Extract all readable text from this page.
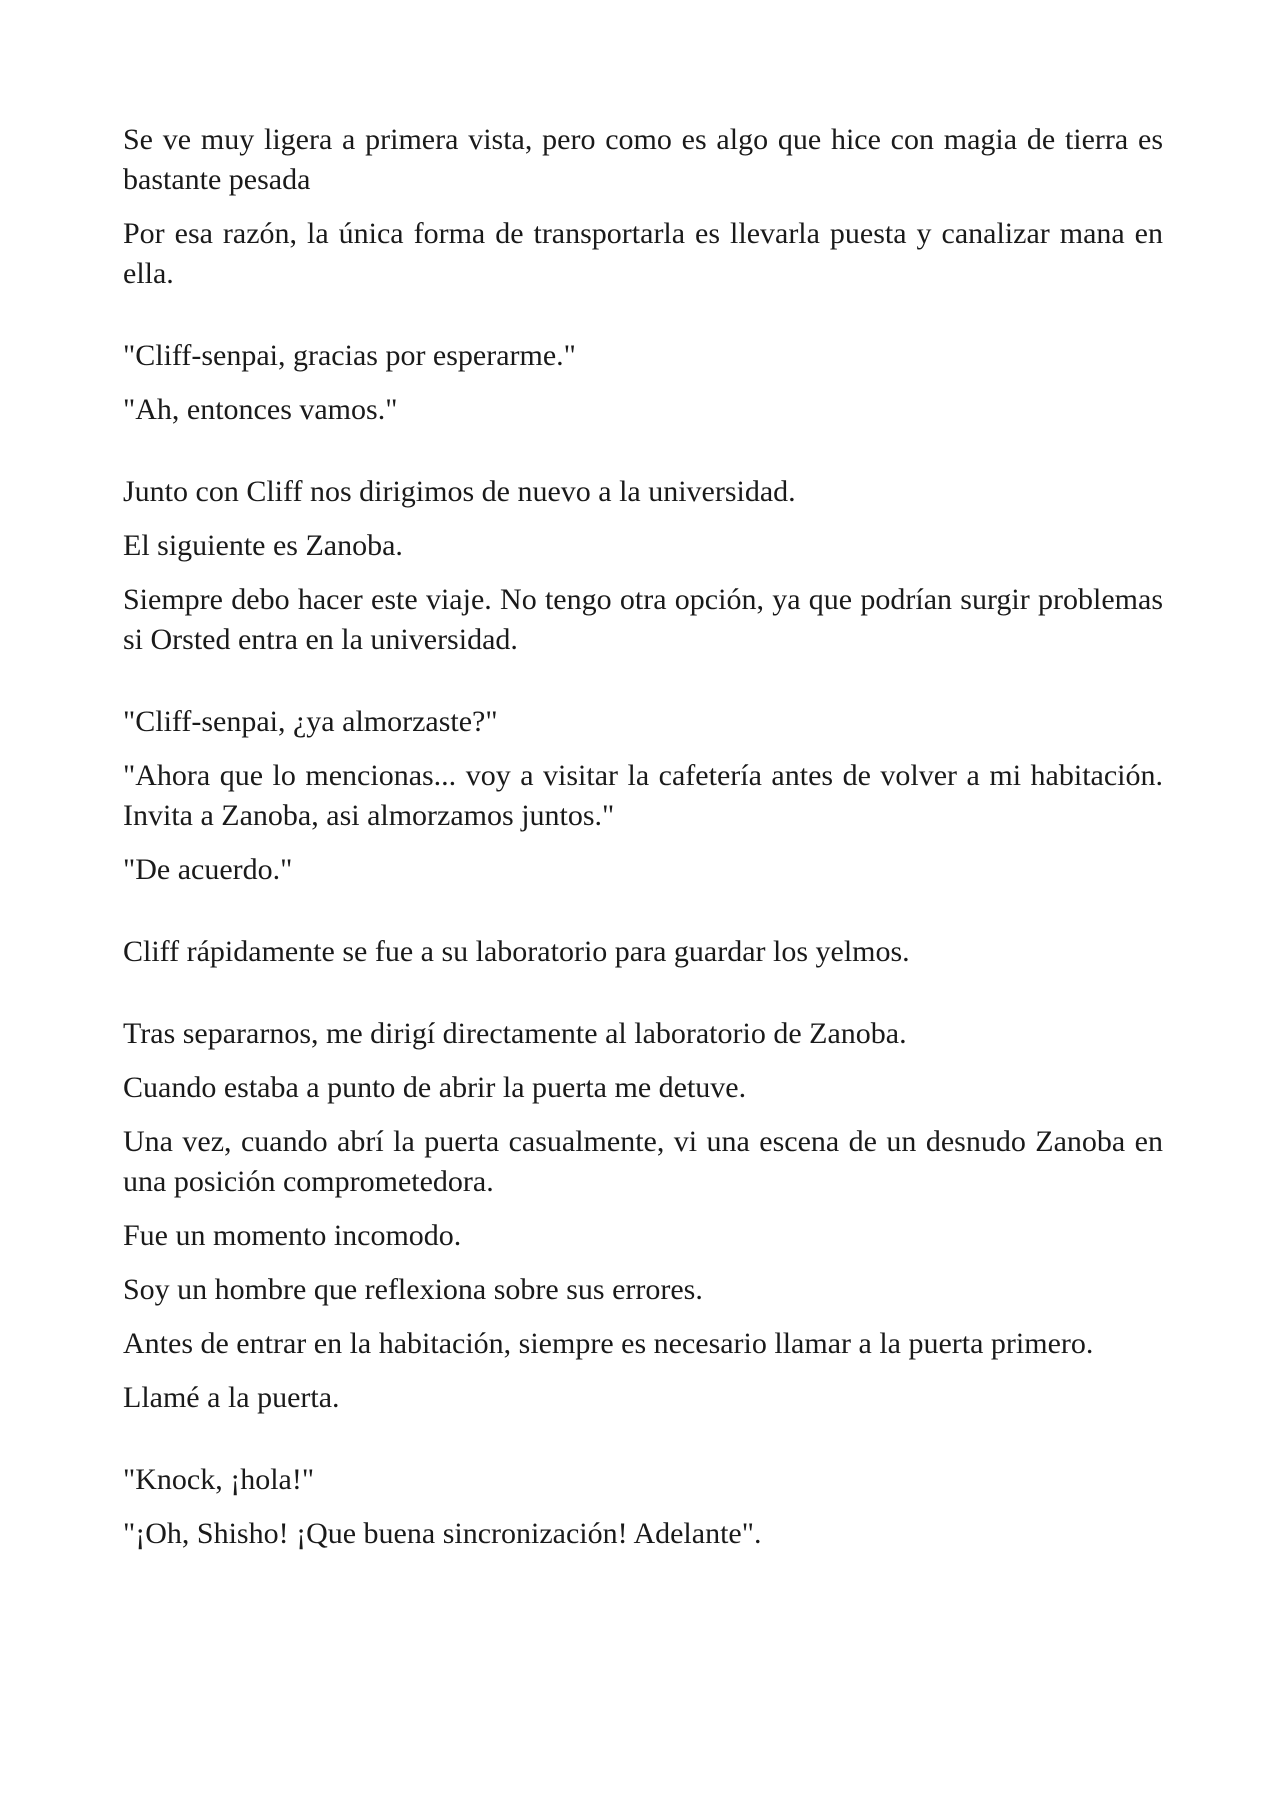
Se ve muy ligera a primera vista, pero como es algo que hice con magia de tierra es bastante pesada

Por esa razón, la única forma de transportarla es llevarla puesta y canalizar mana en ella.

"Cliff-senpai, gracias por esperarme."

"Ah, entonces vamos."

Junto con Cliff nos dirigimos de nuevo a la universidad.

El siguiente es Zanoba.

Siempre debo hacer este viaje. No tengo otra opción, ya que podrían surgir problemas si Orsted entra en la universidad.

"Cliff-senpai, ¿ya almorzaste?"

"Ahora que lo mencionas... voy a visitar la cafetería antes de volver a mi habitación. Invita a Zanoba, asi almorzamos juntos."

"De acuerdo."

Cliff rápidamente se fue a su laboratorio para guardar los yelmos.

Tras separarnos, me dirigí directamente al laboratorio de Zanoba.

Cuando estaba a punto de abrir la puerta me detuve.

Una vez, cuando abrí la puerta casualmente, vi una escena de un desnudo Zanoba en una posición comprometedora.

Fue un momento incomodo.

Soy un hombre que reflexiona sobre sus errores.

Antes de entrar en la habitación, siempre es necesario llamar a la puerta primero.

Llamé a la puerta.

"Knock, ¡hola!"

"¡Oh, Shisho! ¡Que buena sincronización! Adelante".
